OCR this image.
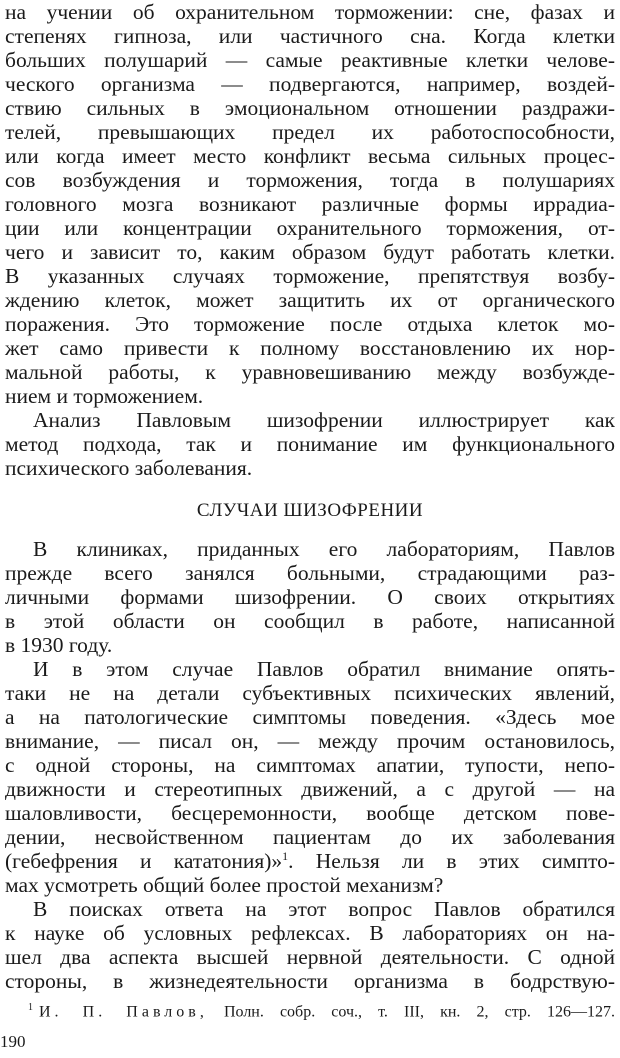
на учении об охранительном торможении: сне, фазах и
степенях гипноза, или частичного сна. Когда клетки
больших полушарий — самые реактивные клетки челове-
ческого организма — подвергаются, например, воздей-
ствию сильных в эмоциональном отношении раздражи-
телей, превышающих предел их работоспособности,
или когда имеет место конфликт весьма сильных процес-
сов возбуждения и торможения, тогда в полушариях
головного мозга возникают различные формы иррадиа-
ции или концентрации охранительного торможения, от-
чего и зависит то, каким образом будут работать клетки.
В указанных случаях торможение, препятствуя возбу-
ждению клеток, может защитить их от органического
поражения. Это торможение после отдыха клеток мо-
жет само привести к полному восстановлению их нор-
мальной работы, к уравновешиванию между возбужде-
нием и торможением.
Анализ Павловым шизофрении иллюстрирует как
метод подхода, так и понимание им функционального
психического заболевания.
СЛУЧАИ ШИЗОФРЕНИИ
В клиниках, приданных его лабораториям, Павлов
прежде всего занялся больными, страдающими раз-
личными формами шизофрении. О своих открытиях
в этой области он сообщил в работе, написанной
в 1930 году.
И в этом случае Павлов обратил внимание опять-
таки не на детали субъективных психических явлений,
а на патологические симптомы поведения. «Здесь мое
внимание, — писал он, — между прочим остановилось,
с одной стороны, на симптомах апатии, тупости, непо-
движности и стереотипных движений, а с другой — на
шаловливости, бесцеремонности, вообще детском пове-
дении, несвойственном пациентам до их заболевания
(гебефрения и кататония)»$^1$. Нельзя ли в этих симпто-
мах усмотреть общий более простой механизм?
В поисках ответа на этот вопрос Павлов обратился
к науке об условных рефлексах. В лабораториях он на-
шел два аспекта высшей нервной деятельности. С одной
стороны, в жизнедеятельности организма в бодрствую-
$^1$ И. П. Павлов, Полн. собр. соч., т. III, кн. 2, стр. 126—127.
190
